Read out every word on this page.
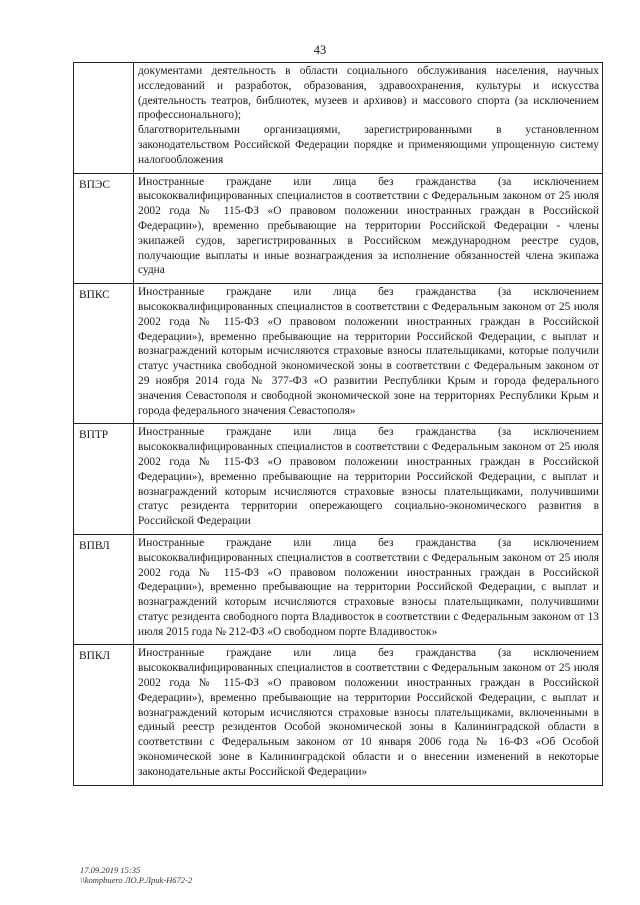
43

	документами деятельность в области социального обслуживания населения, научных исследований и разработок, образования, здравоохранения, культуры и искусства (деятельность театров, библиотек, музеев и архивов) и массового спорта (за исключением профессионального);

благотворительными организациями, зарегистрированными в установленном законодательством Российской Федерации порядке и применяющими упрощенную систему налогообложения

ВПЭС	Иностранные граждане или лица без гражданства (за исключением высококвалифицированных специалистов в соответствии с Федеральным законом от 25 июля 2002 года № 115-ФЗ «О правовом положении иностранных граждан в Российской Федерации»), временно пребывающие на территории Российской Федерации - члены экипажей судов, зарегистрированных в Российском международном реестре судов, получающие выплаты и иные вознаграждения за исполнение обязанностей члена экипажа судна

ВПКС	Иностранные граждане или лица без гражданства (за исключением высококвалифицированных специалистов в соответствии с Федеральным законом от 25 июля 2002 года № 115-ФЗ «О правовом положении иностранных граждан в Российской Федерации»), временно пребывающие на территории Российской Федерации, с выплат и вознаграждений которым исчисляются страховые взносы плательщиками, которые получили статус участника свободной экономической зоны в соответствии с Федеральным законом от 29 ноября 2014 года № 377-ФЗ «О развитии Республики Крым и города федерального значения Севастополя и свободной экономической зоне на территориях Республики Крым и города федерального значения Севастополя»

ВПТР	Иностранные граждане или лица без гражданства (за исключением высококвалифицированных специалистов в соответствии с Федеральным законом от 25 июля 2002 года № 115-ФЗ «О правовом положении иностранных граждан в Российской Федерации»), временно пребывающие на территории Российской Федерации, с выплат и вознаграждений которым исчисляются страховые взносы плательщиками, получившими статус резидента территории опережающего социально-экономического развития в Российской Федерации

ВПВЛ	Иностранные граждане или лица без гражданства (за исключением высококвалифицированных специалистов в соответствии с Федеральным законом от 25 июля 2002 года № 115-ФЗ «О правовом положении иностранных граждан в Российской Федерации»), временно пребывающие на территории Российской Федерации, с выплат и вознаграждений которым исчисляются страховые взносы плательщиками, получившими статус резидента свободного порта Владивосток в соответствии с Федеральным законом от 13 июля 2015 года № 212-ФЗ «О свободном порте Владивосток»

ВПКЛ	Иностранные граждане или лица без гражданства (за исключением высококвалифицированных специалистов в соответствии с Федеральным законом от 25 июля 2002 года № 115-ФЗ «О правовом положении иностранных граждан в Российской Федерации»), временно пребывающие на территории Российской Федерации, с выплат и вознаграждений которым исчисляются страховые взносы плательщиками, включенными в единый реестр резидентов Особой экономической зоны в Калининградской области в соответствии с Федеральным законом от 10 января 2006 года № 16-ФЗ «Об Особой экономической зоне в Калининградской области и о внесении изменений в некоторые законодательные акты Российской Федерации»

17.09.2019 15:35
\\kompbuero ЛО.Р.Лриk-Н672-2
